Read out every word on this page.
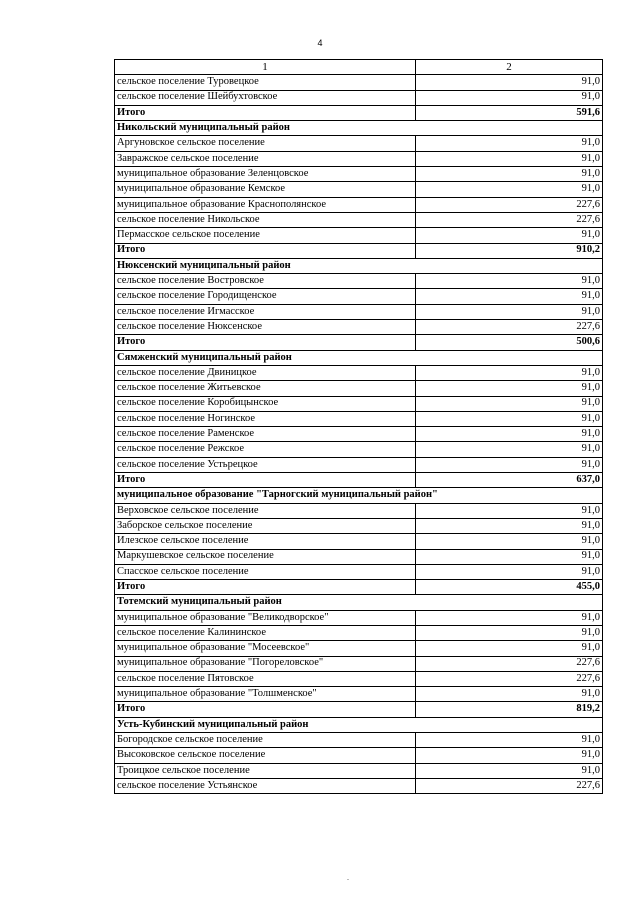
4
1	2
сельское поселение Туровецкое	91,0
сельское поселение Шейбухтовское	91,0
Итого	591,6
Никольский муниципальный район	
Аргуновское сельское поселение	91,0
Завражское сельское поселение	91,0
муниципальное образование Зеленцовское	91,0
муниципальное образование Кемское	91,0
муниципальное образование Краснополянское	227,6
сельское поселение Никольское	227,6
Пермасское сельское поселение	91,0
Итого	910,2
Нюксенский муниципальный район	
сельское поселение Востровское	91,0
сельское поселение Городищенское	91,0
сельское поселение Игмасское	91,0
сельское поселение Нюксенское	227,6
Итого	500,6
Сямженский муниципальный район	
сельское поселение Двиницкое	91,0
сельское поселение Житьевское	91,0
сельское поселение Коробицынское	91,0
сельское поселение Ногинское	91,0
сельское поселение Раменское	91,0
сельское поселение Режское	91,0
сельское поселение Устьрецкое	91,0
Итого	637,0
муниципальное образование "Тарногский муниципальный район"	
Верховское сельское поселение	91,0
Заборское сельское поселение	91,0
Илезское сельское поселение	91,0
Маркушевское сельское поселение	91,0
Спасское сельское поселение	91,0
Итого	455,0
Тотемский муниципальный район	
муниципальное образование "Великодворское"	91,0
сельское поселение Калининское	91,0
муниципальное образование "Мосеевское"	91,0
муниципальное образование "Погореловское"	227,6
сельское поселение Пятовское	227,6
муниципальное образование "Толшменское"	91,0
Итого	819,2
Усть-Кубинский муниципальный район	
Богородское сельское поселение	91,0
Высоковское сельское поселение	91,0
Троицкое сельское поселение	91,0
сельское поселение Устьянское	227,6
